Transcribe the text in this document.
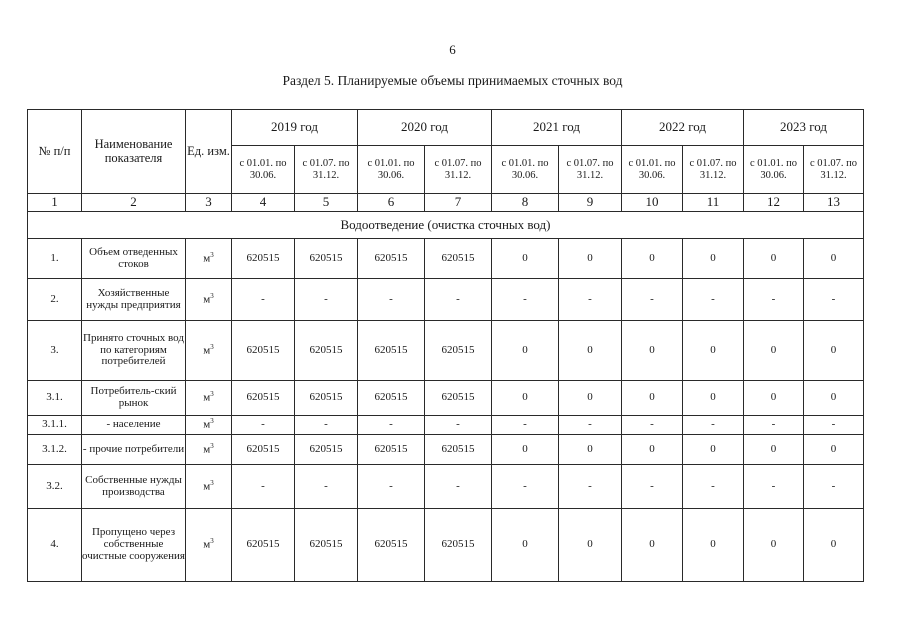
6
Раздел 5. Планируемые объемы принимаемых сточных вод
№ п/п	Наименование показателя	Ед. изм.	2019 год		2020 год		2021 год		2022 год		2023 год	
			с 01.01. по 30.06.	с 01.07. по 31.12.	с 01.01. по 30.06.	с 01.07. по 31.12.	с 01.01. по 30.06.	с 01.07. по 31.12.	с 01.01. по 30.06.	с 01.07. по 31.12.	с 01.01. по 30.06.	с 01.07. по 31.12.
1	2	3	4	5	6	7	8	9	10	11	12	13
Водоотведение (очистка сточных вод)												
1.	Объем отведенных стоков	$м^3$	620515	620515	620515	620515	0	0	0	0	0	0
2.	Хозяйственные нужды предприятия	$м^3$	-	-	-	-	-	-	-	-	-	-
3.	Принято сточных вод по категориям потребителей	$м^3$	620515	620515	620515	620515	0	0	0	0	0	0
3.1.	Потребитель-ский рынок	$м^3$	620515	620515	620515	620515	0	0	0	0	0	0
3.1.1.	- население	$м^3$	-	-	-	-	-	-	-	-	-	-
3.1.2.	- прочие потребители	$м^3$	620515	620515	620515	620515	0	0	0	0	0	0
3.2.	Собственные нужды производства	$м^3$	-	-	-	-	-	-	-	-	-	-
4.	Пропущено через собственные очистные сооружения	$м^3$	620515	620515	620515	620515	0	0	0	0	0	0
